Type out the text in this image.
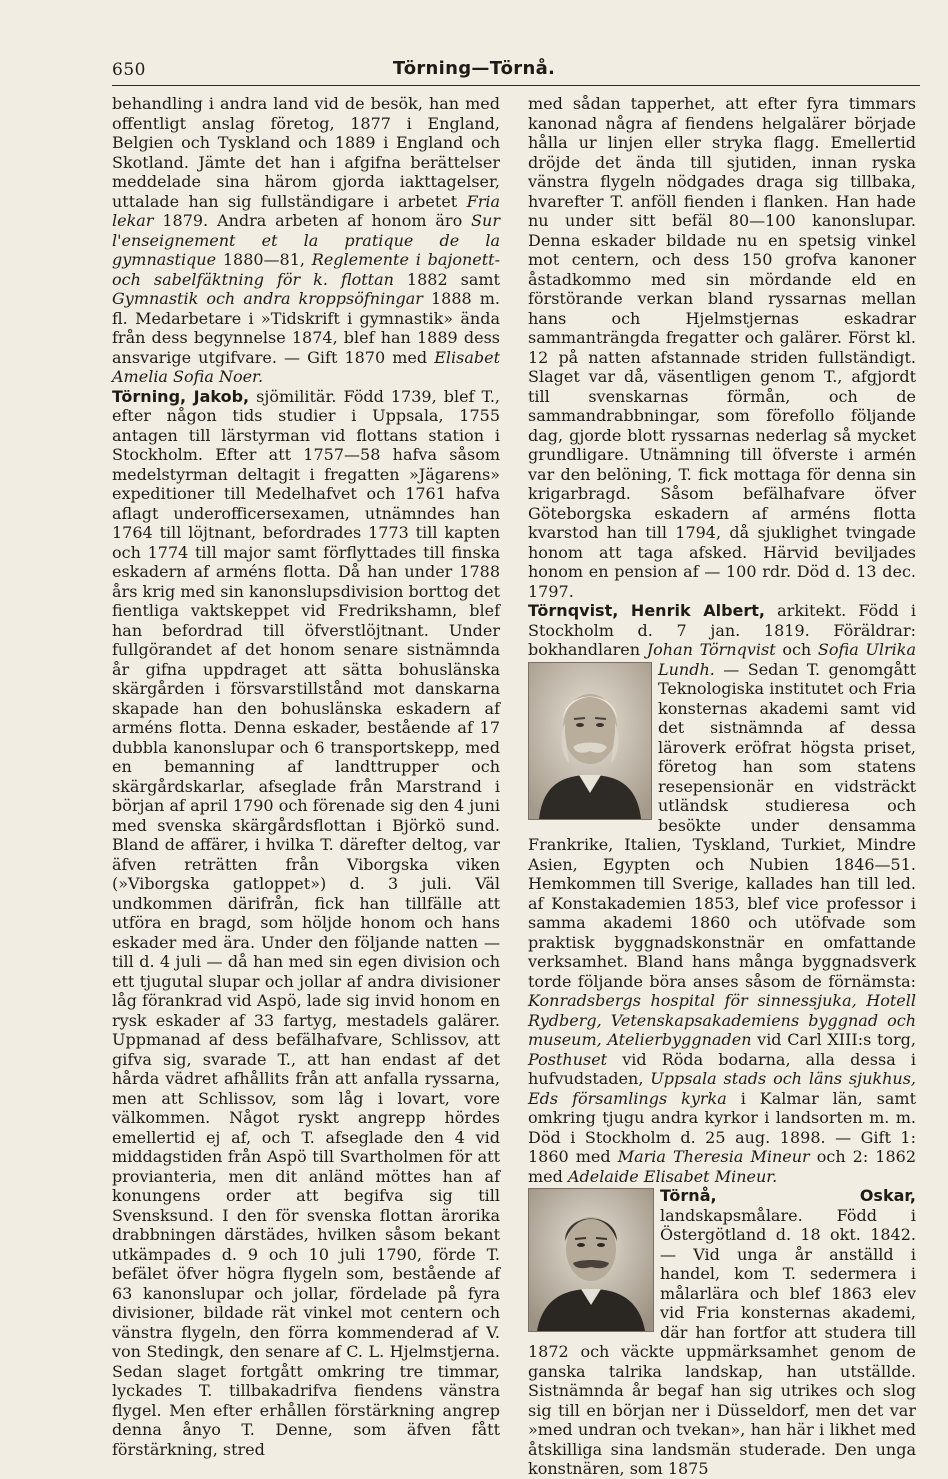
650	Törning—Törnå.

behandling i andra land vid de besök, han med offentligt anslag företog, 1877 i England, Belgien och Tyskland och 1889 i England och Skotland. Jämte det han i afgifna berättelser meddelade sina härom gjorda iakttagelser, uttalade han sig fullständigare i arbetet Fria lekar 1879. Andra arbeten af honom äro Sur l'enseignement et la pratique de la gymnastique 1880—81, Reglemente i bajonett- och sabelfäktning för k. flottan 1882 samt Gymnastik och andra kroppsöfningar 1888 m. fl. Medarbetare i »Tidskrift i gymnastik» ända från dess begynnelse 1874, blef han 1889 dess ansvarige utgifvare. — Gift 1870 med Elisabet Amelia Sofia Noer.

Törning, Jakob, sjömilitär. Född 1739, blef T., efter någon tids studier i Uppsala, 1755 antagen till lärstyrman vid flottans station i Stockholm. Efter att 1757—58 hafva såsom medelstyrman deltagit i fregatten »Jägarens» expeditioner till Medelhafvet och 1761 hafva aflagt underofficersexamen, utnämndes han 1764 till löjtnant, befordrades 1773 till kapten och 1774 till major samt förflyttades till finska eskadern af arméns flotta. Då han under 1788 års krig med sin kanonslupsdivision borttog det fientliga vaktskeppet vid Fredrikshamn, blef han befordrad till öfverstlöjtnant. Under fullgörandet af det honom senare sistnämnda år gifna uppdraget att sätta bohuslänska skärgården i försvarstillstånd mot danskarna skapade han den bohuslänska eskadern af arméns flotta. Denna eskader, bestående af 17 dubbla kanonslupar och 6 transportskepp, med en bemanning af landttrupper och skärgårdskarlar, afseglade från Marstrand i början af april 1790 och förenade sig den 4 juni med svenska skärgårdsflottan i Björkö sund. Bland de affärer, i hvilka T. därefter deltog, var äfven reträtten från Viborgska viken (»Viborgska gatloppet») d. 3 juli. Väl undkommen därifrån, fick han tillfälle att utföra en bragd, som höljde honom och hans eskader med ära. Under den följande natten — till d. 4 juli — då han med sin egen division och ett tjugutal slupar och jollar af andra divisioner låg förankrad vid Aspö, lade sig invid honom en rysk eskader af 33 fartyg, mestadels galärer. Uppmanad af dess befälhafvare, Schlissov, att gifva sig, svarade T., att han endast af det hårda vädret afhållits från att anfalla ryssarna, men att Schlissov, som låg i lovart, vore välkommen. Något ryskt angrepp hördes emellertid ej af, och T. afseglade den 4 vid middagstiden från Aspö till Svartholmen för att provianteria, men dit anländ möttes han af konungens order att begifva sig till Svensksund. I den för svenska flottan ärorika drabbningen därstädes, hvilken såsom bekant utkämpades d. 9 och 10 juli 1790, förde T. befälet öfver högra flygeln som, bestående af 63 kanonslupar och jollar, fördelade på fyra divisioner, bildade rät vinkel mot centern och vänstra flygeln, den förra kommenderad af V. von Stedingk, den senare af C. L. Hjelmstjerna. Sedan slaget fortgått omkring tre timmar, lyckades T. tillbakadrifva fiendens vänstra flygel. Men efter erhållen förstärkning angrep denna ånyo T. Denne, som äfven fått förstärkning, stred

med sådan tapperhet, att efter fyra timmars kanonad några af fiendens helgalärer började hålla ur linjen eller stryka flagg. Emellertid dröjde det ända till sjutiden, innan ryska vänstra flygeln nödgades draga sig tillbaka, hvarefter T. anföll fienden i flanken. Han hade nu under sitt befäl 80—100 kanonslupar. Denna eskader bildade nu en spetsig vinkel mot centern, och dess 150 grofva kanoner åstadkommo med sin mördande eld en förstörande verkan bland ryssarnas mellan hans och Hjelmstjernas eskadrar sammanträngda fregatter och galärer. Först kl. 12 på natten afstannade striden fullständigt. Slaget var då, väsentligen genom T., afgjordt till svenskarnas förmån, och de sammandrabbningar, som förefollo följande dag, gjorde blott ryssarnas nederlag så mycket grundligare. Utnämning till öfverste i armén var den belöning, T. fick mottaga för denna sin krigarbragd. Såsom befälhafvare öfver Göteborgska eskadern af arméns flotta kvarstod han till 1794, då sjuklighet tvingade honom att taga afsked. Härvid beviljades honom en pension af — 100 rdr. Död d. 13 dec. 1797.

Törnqvist, Henrik Albert, arkitekt. Född i Stockholm d. 7 jan. 1819. Föräldrar: bokhandlaren Johan Törnqvist och Sofia Ulrika Lundh.
— Sedan T. genomgått Teknologiska institutet och Fria konsternas akademi samt vid det sistnämnda af dessa läroverk eröfrat högsta priset, företog han som statens resepensionär en vidsträckt utländsk studieresa och besökte under densamma Frankrike, Italien, Tyskland, Turkiet, Mindre Asien, Egypten och Nubien 1846—51. Hemkommen till Sverige, kallades han till led. af Konstakademien 1853, blef vice professor i samma akademi 1860 och utöfvade som praktisk byggnadskonstnär en omfattande verksamhet. Bland hans många byggnadsverk torde följande böra anses såsom de förnämsta: Konradsbergs hospital för sinnessjuka, Hotell Rydberg, Vetenskapsakademiens byggnad och museum, Atelierbyggnaden vid Carl XIII:s torg, Posthuset vid Röda bodarna, alla dessa i hufvudstaden, Uppsala stads och läns sjukhus, Eds församlings kyrka i Kalmar län, samt omkring tjugu andra kyrkor i landsorten m. m. Död i Stockholm d. 25 aug. 1898. — Gift 1: 1860 med Maria Theresia Mineur och 2: 1862 med Adelaide Elisabet Mineur.

Törnå, Oskar,
landskapsmålare. Född i Östergötland d. 18 okt. 1842. — Vid unga år anställd i handel, kom T. sedermera i målarlära och blef 1863 elev vid Fria konsternas akademi, där han fortfor att studera till 1872 och väckte uppmärksamhet genom de ganska talrika landskap, han utställde. Sistnämnda år begaf han sig utrikes och slog sig till en början ner i Düsseldorf, men det var »med undran och tvekan», han här i likhet med åtskilliga sina landsmän studerade. Den unga konstnären, som 1875
